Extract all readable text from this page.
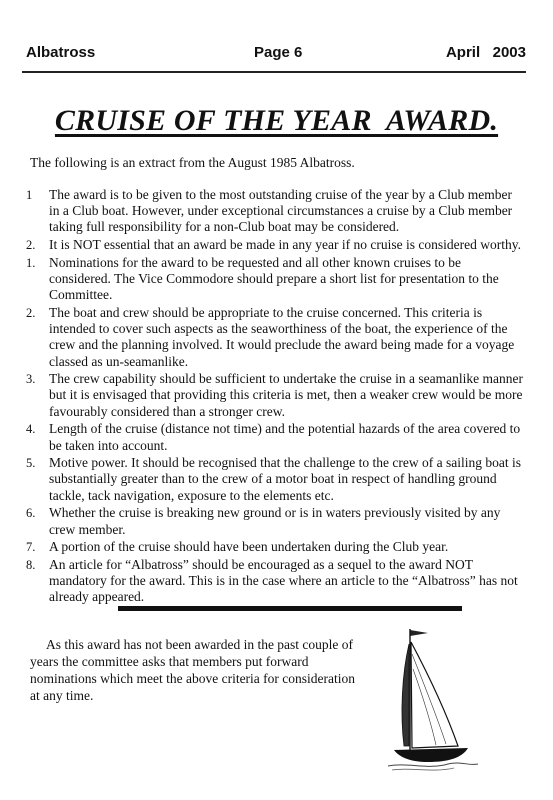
Albatross	Page 6	April   2003
CRUISE OF THE YEAR  AWARD.
The following is an extract from the August 1985 Albatross.
1	The award is to be given to the most outstanding cruise of the year by a Club member in a Club boat. However, under exceptional circumstances a cruise by a Club member taking full responsibility for a non-Club boat may be considered.
2.	It is NOT essential that an award be made in any year if no cruise is considered worthy.
1.	Nominations for the award to be requested and all other known cruises to be considered. The Vice Commodore should prepare a short list for presentation to the Committee.
2.	The boat and crew should be appropriate to the cruise concerned. This criteria is intended to cover such aspects as the seaworthiness of the boat, the experience of the crew and the planning involved. It would preclude the award being made for a voyage classed as un-seamanlike.
3.	The crew capability should be sufficient to undertake the cruise in a seamanlike manner but it is envisaged that providing this criteria is met, then a weaker crew would be more favourably considered than a stronger crew.
4.	Length of the cruise (distance not time) and the potential hazards of the area covered to be taken into account.
5.	Motive power. It should be recognised that the challenge to the crew of a sailing boat is substantially greater than to the crew of a motor boat in respect of handling ground tackle, tack navigation, exposure to the elements etc.
6.	Whether the cruise is breaking new ground or is in waters previously visited by any crew member.
7.	A portion of the cruise should have been undertaken during the Club year.
8.	An article for “Albatross” should be encouraged as a sequel to the award NOT mandatory for the award. This is in the case where an article to the “Albatross” has not already appeared.
As this award has not been awarded in the past couple of years the committee asks that members put forward nominations which meet the above criteria for consideration at any time.
